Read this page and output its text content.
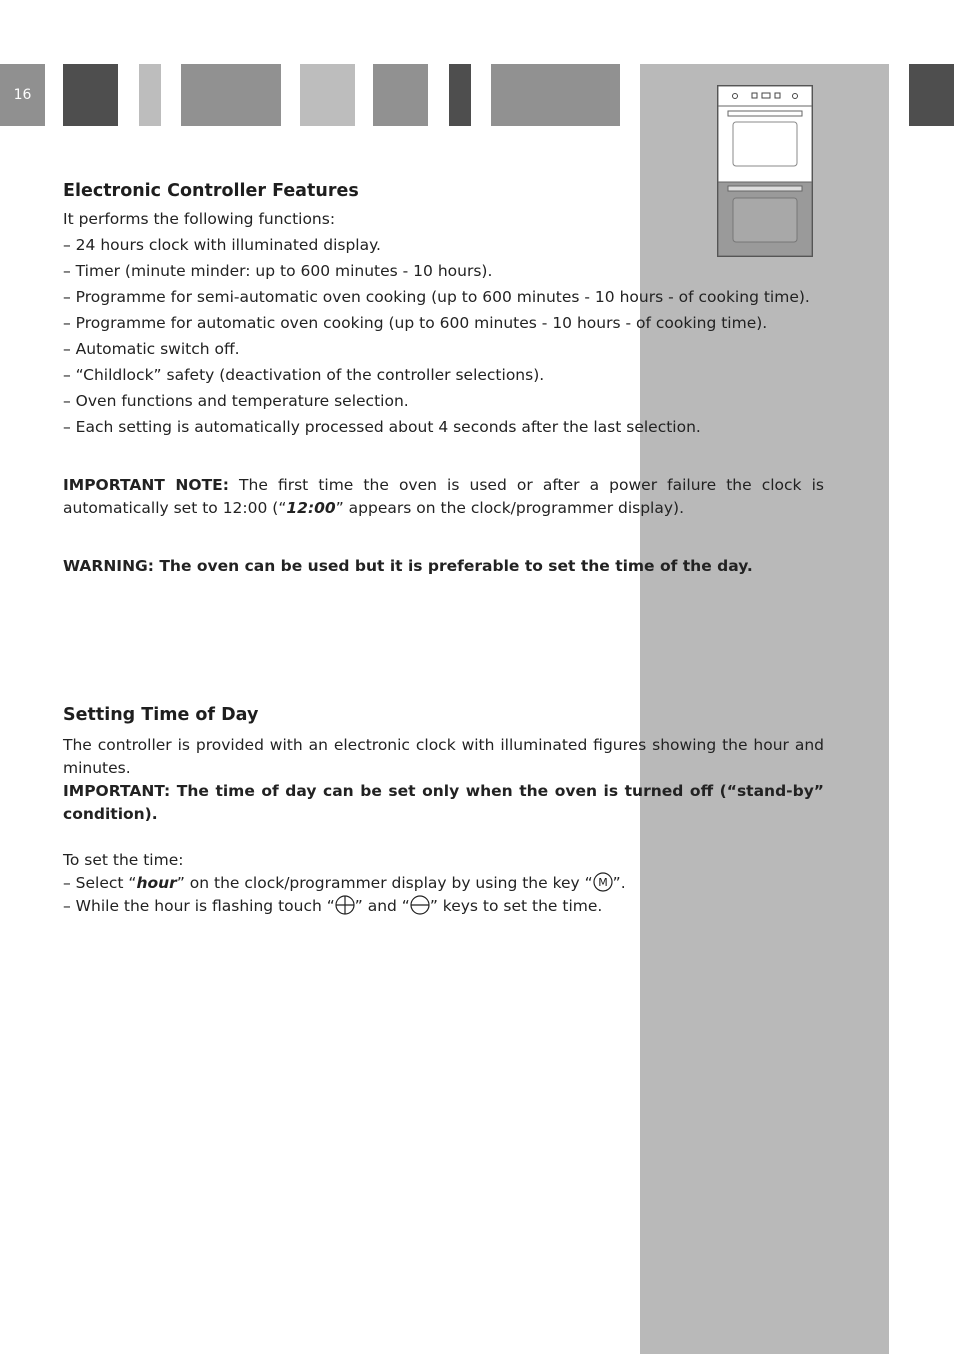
16
Electronic Controller Features

It performs the following functions:

– 24 hours clock with illuminated display.

– Timer (minute minder: up to 600 minutes - 10 hours).

– Programme for semi-automatic oven cooking (up to 600 minutes - 10 hours - of cooking time).

– Programme for automatic oven cooking (up to 600 minutes - 10 hours - of cooking time).

– Automatic switch off.

– “Childlock” safety (deactivation of the controller selections).

– Oven functions and temperature selection.

– Each setting is automatically processed about 4 seconds after the last selection.

IMPORTANT NOTE: The first time the oven is used or after a power failure the clock is automatically set to 12:00 (“12:00” appears on the clock/programmer display).

WARNING: The oven can be used but it is preferable to set the time of the day.

Setting Time of Day

The controller is provided with an electronic clock with illuminated figures showing the hour and minutes.

IMPORTANT: The time of day can be set only when the oven is turned off (“stand-by” condition).

To set the time:

– Select “hour” on the clock/programmer display by using the key “ M ”.

– While the hour is flashing touch “ ” and “ ” keys to set the time.
